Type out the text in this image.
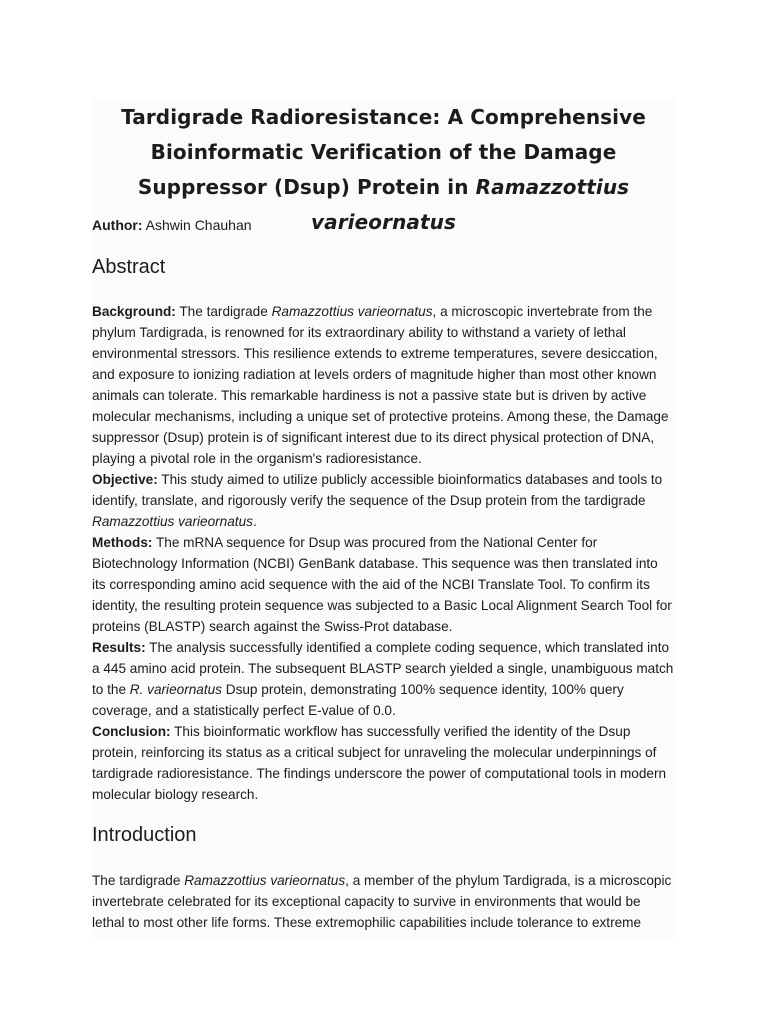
Tardigrade Radioresistance: A Comprehensive Bioinformatic Verification of the Damage Suppressor (Dsup) Protein in Ramazzottius varieornatus

Author: Ashwin Chauhan

Abstract

Background: The tardigrade Ramazzottius varieornatus, a microscopic invertebrate from the phylum Tardigrada, is renowned for its extraordinary ability to withstand a variety of lethal environmental stressors. This resilience extends to extreme temperatures, severe desiccation, and exposure to ionizing radiation at levels orders of magnitude higher than most other known animals can tolerate. This remarkable hardiness is not a passive state but is driven by active molecular mechanisms, including a unique set of protective proteins. Among these, the Damage suppressor (Dsup) protein is of significant interest due to its direct physical protection of DNA, playing a pivotal role in the organism's radioresistance.

Objective: This study aimed to utilize publicly accessible bioinformatics databases and tools to identify, translate, and rigorously verify the sequence of the Dsup protein from the tardigrade Ramazzottius varieornatus.

Methods: The mRNA sequence for Dsup was procured from the National Center for Biotechnology Information (NCBI) GenBank database. This sequence was then translated into its corresponding amino acid sequence with the aid of the NCBI Translate Tool. To confirm its identity, the resulting protein sequence was subjected to a Basic Local Alignment Search Tool for proteins (BLASTP) search against the Swiss-Prot database.

Results: The analysis successfully identified a complete coding sequence, which translated into a 445 amino acid protein. The subsequent BLASTP search yielded a single, unambiguous match to the R. varieornatus Dsup protein, demonstrating 100% sequence identity, 100% query coverage, and a statistically perfect E-value of 0.0.

Conclusion: This bioinformatic workflow has successfully verified the identity of the Dsup protein, reinforcing its status as a critical subject for unraveling the molecular underpinnings of tardigrade radioresistance. The findings underscore the power of computational tools in modern molecular biology research.

Introduction

The tardigrade Ramazzottius varieornatus, a member of the phylum Tardigrada, is a microscopic invertebrate celebrated for its exceptional capacity to survive in environments that would be lethal to most other life forms. These extremophilic capabilities include tolerance to extreme
